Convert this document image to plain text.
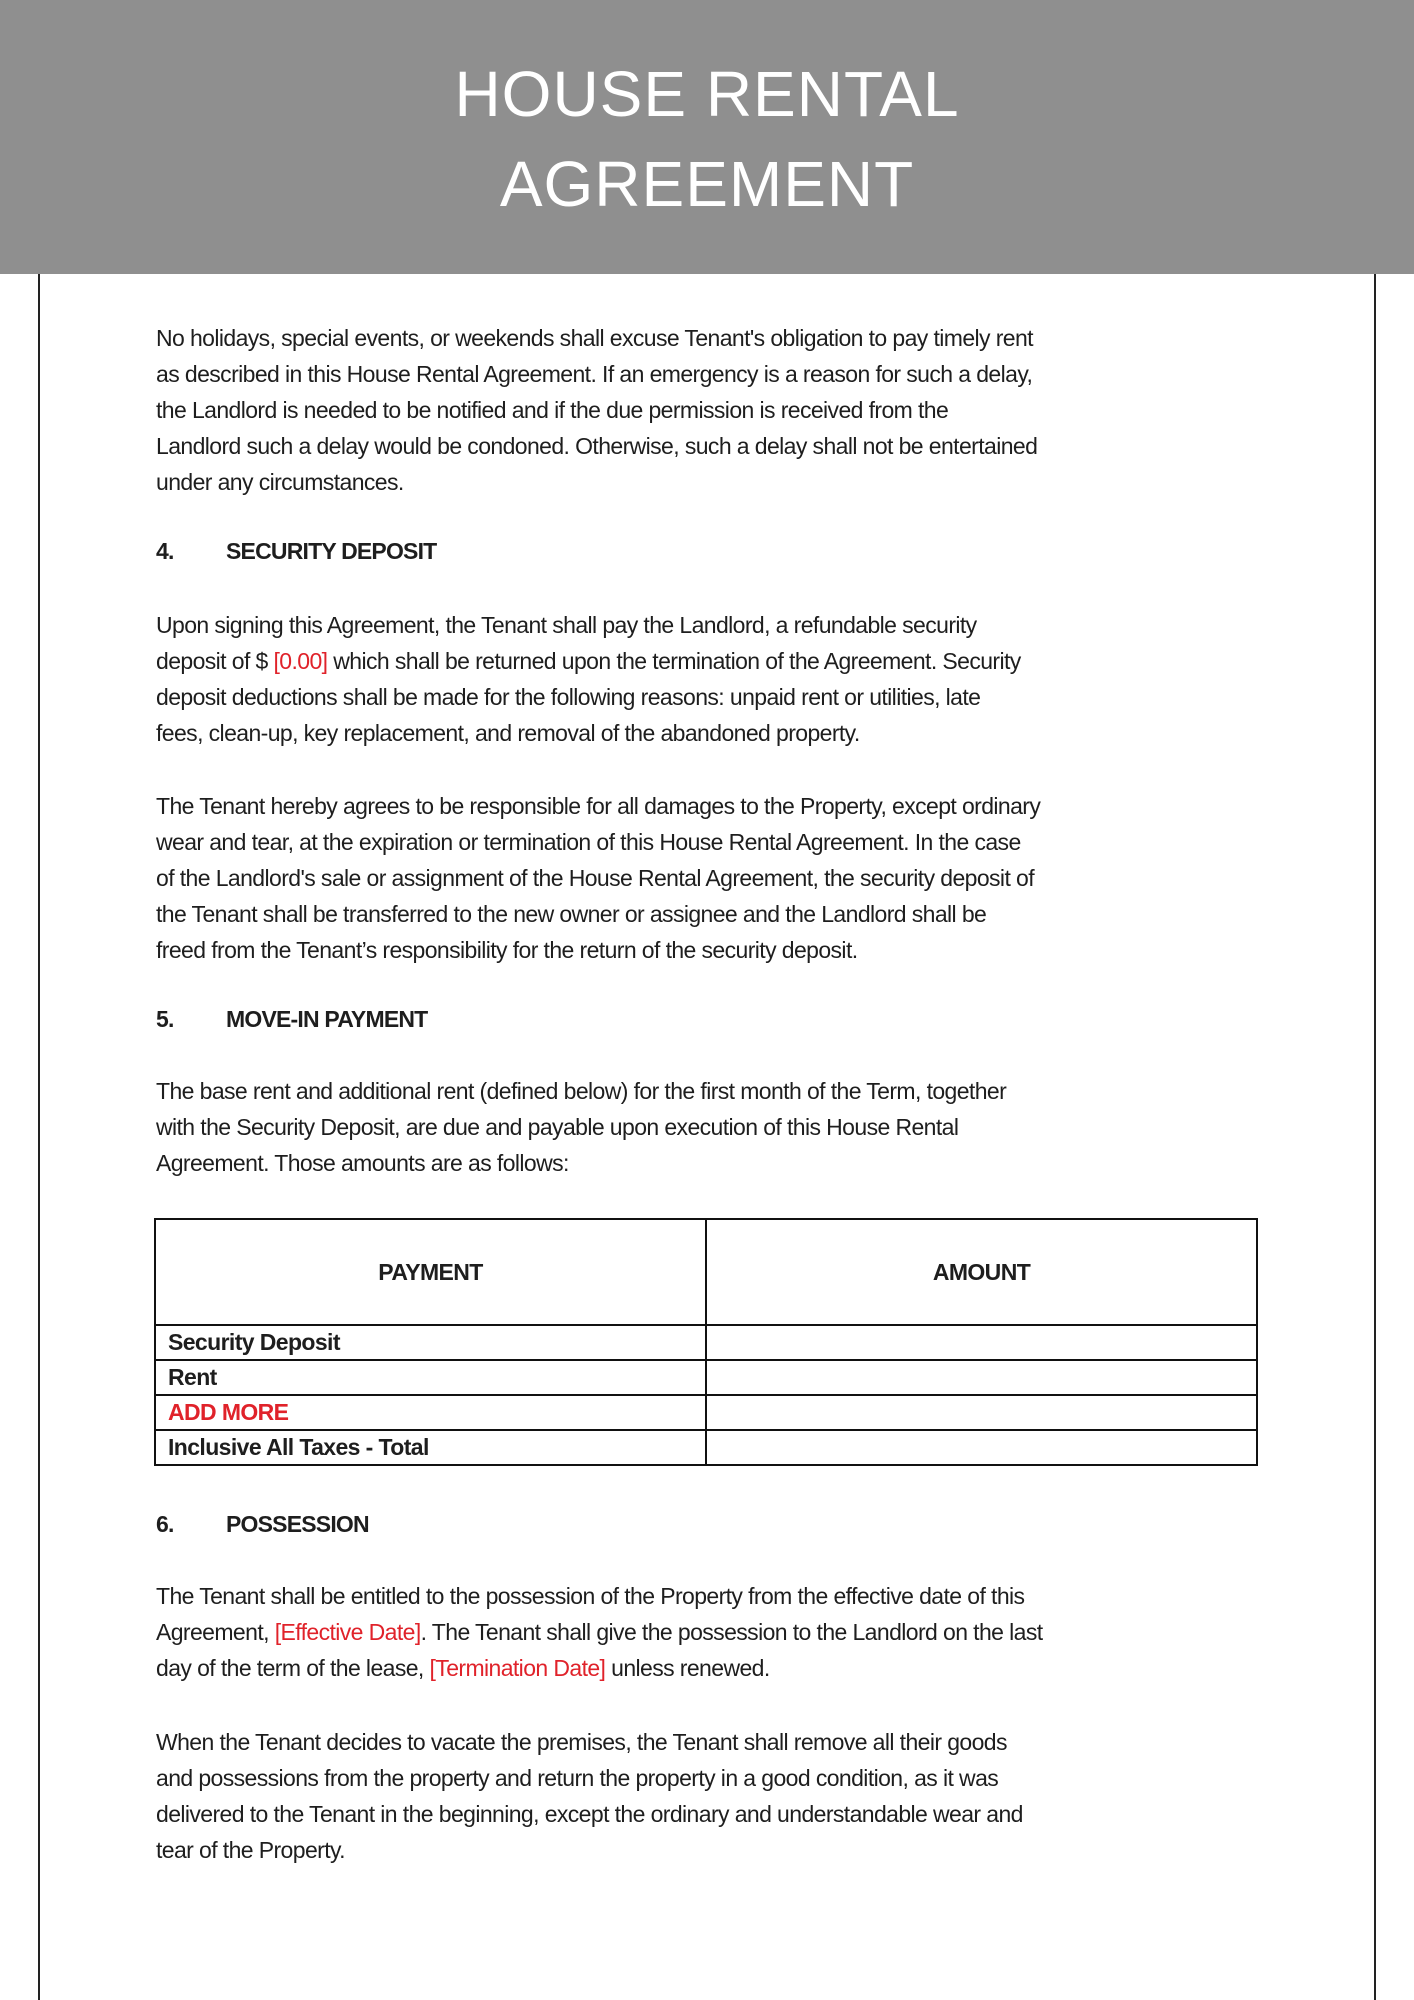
HOUSE RENTAL
AGREEMENT
No holidays, special events, or weekends shall excuse Tenant's obligation to pay timely rent
as described in this House Rental Agreement. If an emergency is a reason for such a delay,
the Landlord is needed to be notified and if the due permission is received from the
Landlord such a delay would be condoned. Otherwise, such a delay shall not be entertained
under any circumstances.
4. SECURITY DEPOSIT
Upon signing this Agreement, the Tenant shall pay the Landlord, a refundable security
deposit of $ [0.00] which shall be returned upon the termination of the Agreement. Security
deposit deductions shall be made for the following reasons: unpaid rent or utilities, late
fees, clean-up, key replacement, and removal of the abandoned property.
The Tenant hereby agrees to be responsible for all damages to the Property, except ordinary
wear and tear, at the expiration or termination of this House Rental Agreement. In the case
of the Landlord's sale or assignment of the House Rental Agreement, the security deposit of
the Tenant shall be transferred to the new owner or assignee and the Landlord shall be
freed from the Tenant’s responsibility for the return of the security deposit.
5. MOVE-IN PAYMENT
The base rent and additional rent (defined below) for the first month of the Term, together
with the Security Deposit, are due and payable upon execution of this House Rental
Agreement. Those amounts are as follows:
PAYMENT	AMOUNT
Security Deposit	
Rent	
ADD MORE	
Inclusive All Taxes - Total	
6. POSSESSION
The Tenant shall be entitled to the possession of the Property from the effective date of this
Agreement, [Effective Date]. The Tenant shall give the possession to the Landlord on the last
day of the term of the lease, [Termination Date] unless renewed.
When the Tenant decides to vacate the premises, the Tenant shall remove all their goods
and possessions from the property and return the property in a good condition, as it was
delivered to the Tenant in the beginning, except the ordinary and understandable wear and
tear of the Property.
